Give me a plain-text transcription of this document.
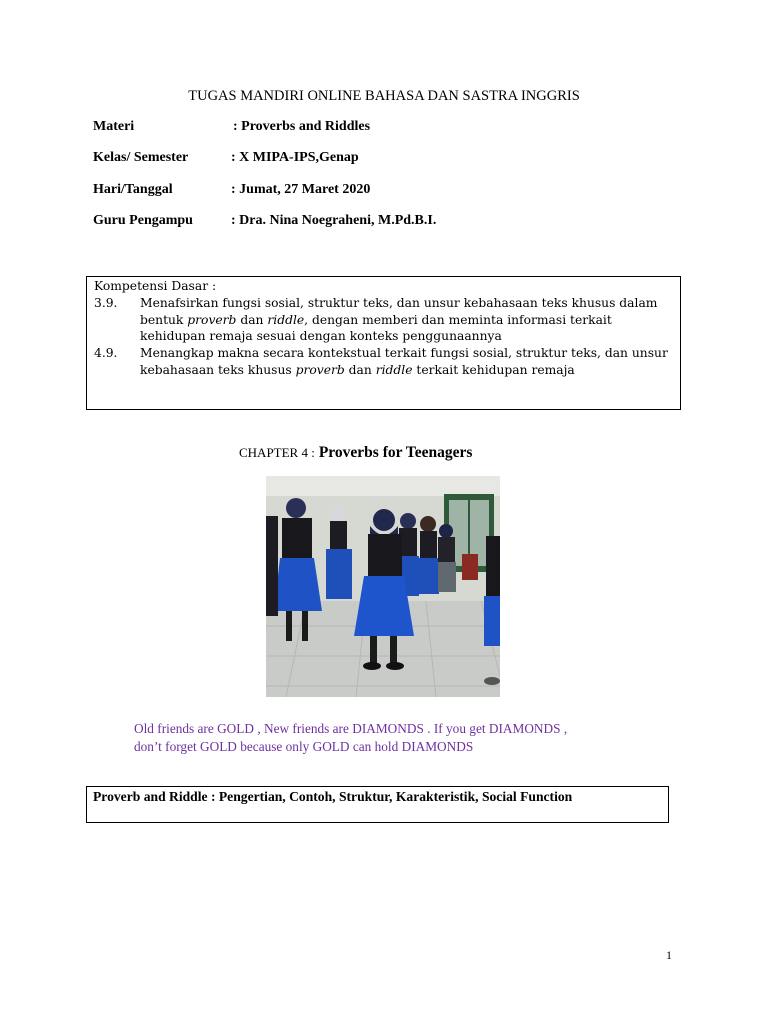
TUGAS MANDIRI ONLINE BAHASA DAN SASTRA INGGRIS
Materi	: Proverbs and Riddles
Kelas/ Semester	: X MIPA-IPS,Genap
Hari/Tanggal	: Jumat, 27 Maret 2020
Guru Pengampu	: Dra. Nina Noegraheni, M.Pd.B.I.
Kompetensi Dasar :
3.9.	Menafsirkan fungsi sosial, struktur teks, dan unsur kebahasaan teks khusus dalam bentuk proverb dan riddle, dengan memberi dan meminta informasi terkait kehidupan remaja sesuai dengan konteks penggunaannya
4.9.	Menangkap makna secara kontekstual terkait fungsi sosial, struktur teks, dan unsur kebahasaan teks khusus proverb dan riddle terkait kehidupan remaja
CHAPTER 4 : Proverbs for Teenagers
Old friends are GOLD , New friends are DIAMONDS . If you get DIAMONDS ,
don’t forget GOLD because only GOLD can hold DIAMONDS
Proverb and Riddle : Pengertian, Contoh, Struktur, Karakteristik, Social Function
1
